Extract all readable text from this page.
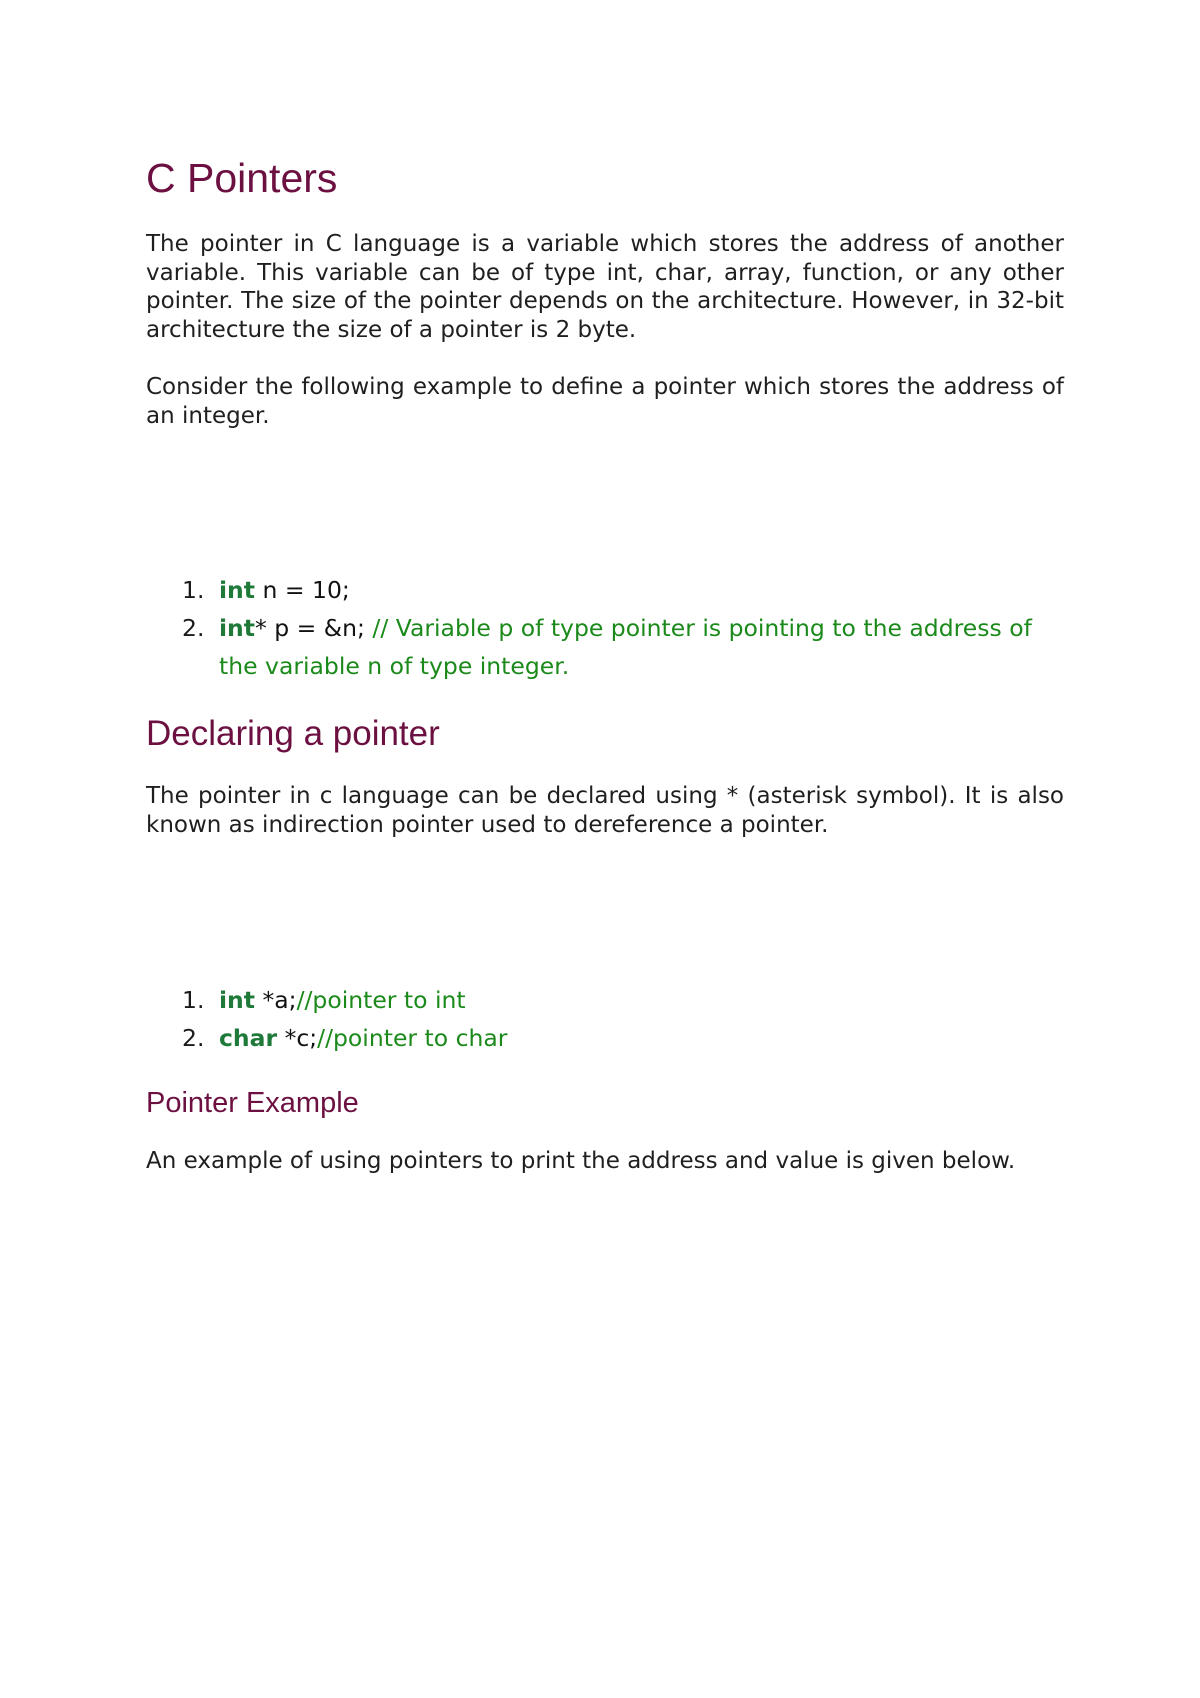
C Pointers

The pointer in C language is a variable which stores the address of another variable. This variable can be of type int, char, array, function, or any other pointer. The size of the pointer depends on the architecture. However, in 32-bit architecture the size of a pointer is 2 byte.

Consider the following example to define a pointer which stores the address of an integer.

1. int n = 10;
2. int* p = &n; // Variable p of type pointer is pointing to the address of the variable n of type integer.
Declaring a pointer

The pointer in c language can be declared using * (asterisk symbol). It is also known as indirection pointer used to dereference a pointer.

1. int *a;//pointer to int
2. char *c;//pointer to char
Pointer Example

An example of using pointers to print the address and value is given below.
